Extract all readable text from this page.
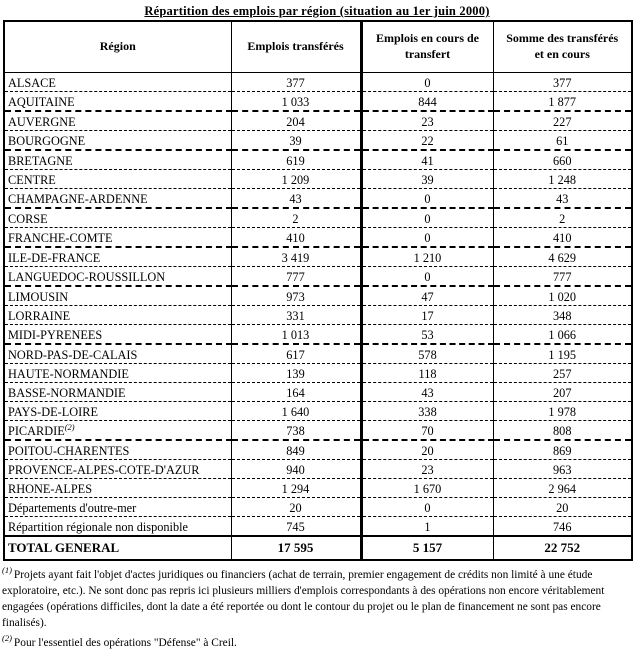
Répartition des emplois par région (situation au 1er juin 2000)
Région	Emplois transférés	Emplois en cours de transfert	Somme des transférés et en cours
ALSACE	377	0	377
AQUITAINE	1 033	844	1 877
AUVERGNE	204	23	227
BOURGOGNE	39	22	61
BRETAGNE	619	41	660
CENTRE	1 209	39	1 248
CHAMPAGNE-ARDENNE	43	0	43
CORSE	2	0	2
FRANCHE-COMTE	410	0	410
ILE-DE-FRANCE	3 419	1 210	4 629
LANGUEDOC-ROUSSILLON	777	0	777
LIMOUSIN	973	47	1 020
LORRAINE	331	17	348
MIDI-PYRENEES	1 013	53	1 066
NORD-PAS-DE-CALAIS	617	578	1 195
HAUTE-NORMANDIE	139	118	257
BASSE-NORMANDIE	164	43	207
PAYS-DE-LOIRE	1 640	338	1 978
PICARDIE$^{(2)}$	738	70	808
POITOU-CHARENTES	849	20	869
PROVENCE-ALPES-COTE-D'AZUR	940	23	963
RHONE-ALPES	1 294	1 670	2 964
Départements d'outre-mer	20	0	20
Répartition régionale non disponible	745	1	746
TOTAL GENERAL	17 595	5 157	22 752
$^{(1)}$ Projets ayant fait l'objet d'actes juridiques ou financiers (achat de terrain, premier engagement de crédits non limité à une étude exploratoire, etc.). Ne sont donc pas repris ici plusieurs milliers d'emplois correspondants à des opérations non encore véritablement engagées (opérations difficiles, dont la date a été reportée ou dont le contour du projet ou le plan de financement ne sont pas encore finalisés).
$^{(2)}$ Pour l'essentiel des opérations "Défense" à Creil.
